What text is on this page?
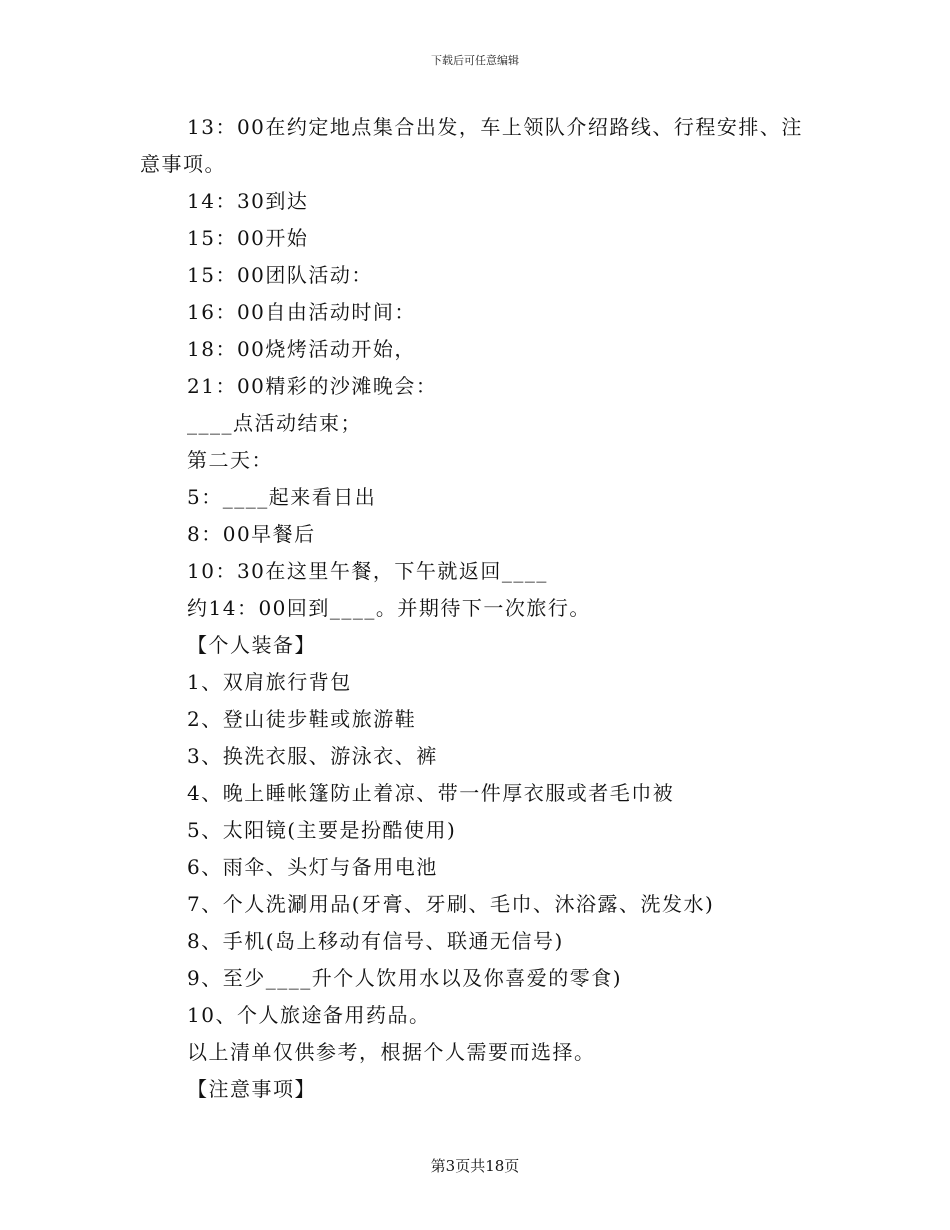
下载后可任意编辑

13：00在约定地点集合出发，车上领队介绍路线、行程安排、注意事项。

14：30到达

15：00开始

15：00团队活动：

16：00自由活动时间：

18：00烧烤活动开始，

21：00精彩的沙滩晚会：

____点活动结束；

第二天：

5：____起来看日出

8：00早餐后

10：30在这里午餐，下午就返回____

约14：00回到____。并期待下一次旅行。

【个人装备】

1、双肩旅行背包

2、登山徒步鞋或旅游鞋

3、换洗衣服、游泳衣、裤

4、晚上睡帐篷防止着凉、带一件厚衣服或者毛巾被

5、太阳镜(主要是扮酷使用)

6、雨伞、头灯与备用电池

7、个人洗涮用品(牙膏、牙刷、毛巾、沐浴露、洗发水)

8、手机(岛上移动有信号、联通无信号)

9、至少____升个人饮用水以及你喜爱的零食)

10、个人旅途备用药品。

以上清单仅供参考，根据个人需要而选择。

【注意事项】

第3页共18页
